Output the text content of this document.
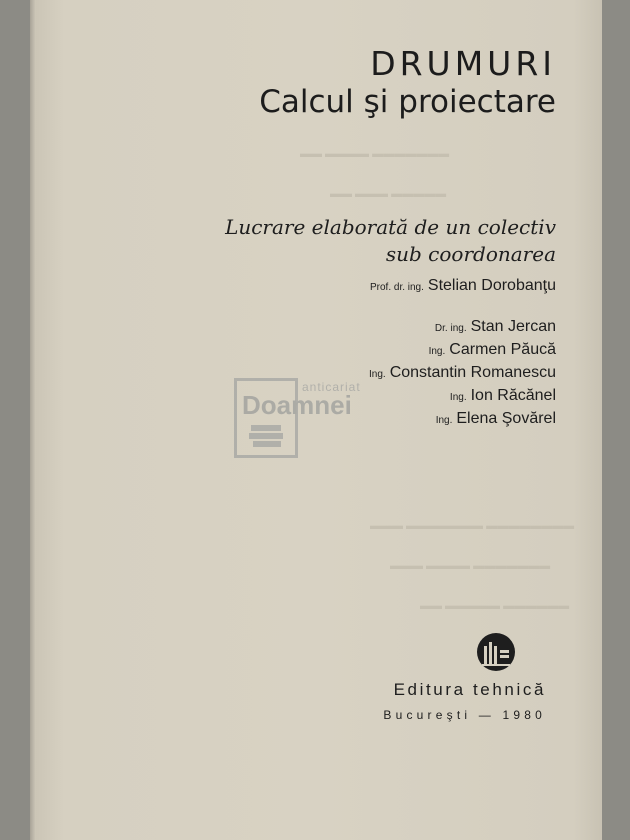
▬▬ ▬▬▬▬ ▬▬▬▬▬▬▬
▬▬ ▬▬▬ ▬▬▬▬▬
▬▬▬ ▬▬▬▬▬▬▬ ▬▬▬▬▬▬▬▬
▬▬▬ ▬▬▬▬ ▬▬▬▬▬▬▬
▬▬ ▬▬▬▬▬ ▬▬▬▬▬▬
DRUMURI
Calcul şi proiectare
Lucrare elaborată de un colectiv
sub coordonarea
Prof. dr. ing. Stelian Dorobanţu
Dr. ing. Stan Jercan
Ing. Carmen Păucă
Ing. Constantin Romanescu
Ing. Ion Răcănel
Ing. Elena Şovărel
anticariat
Doamnei
Editura tehnică
Bucureşti — 1980
